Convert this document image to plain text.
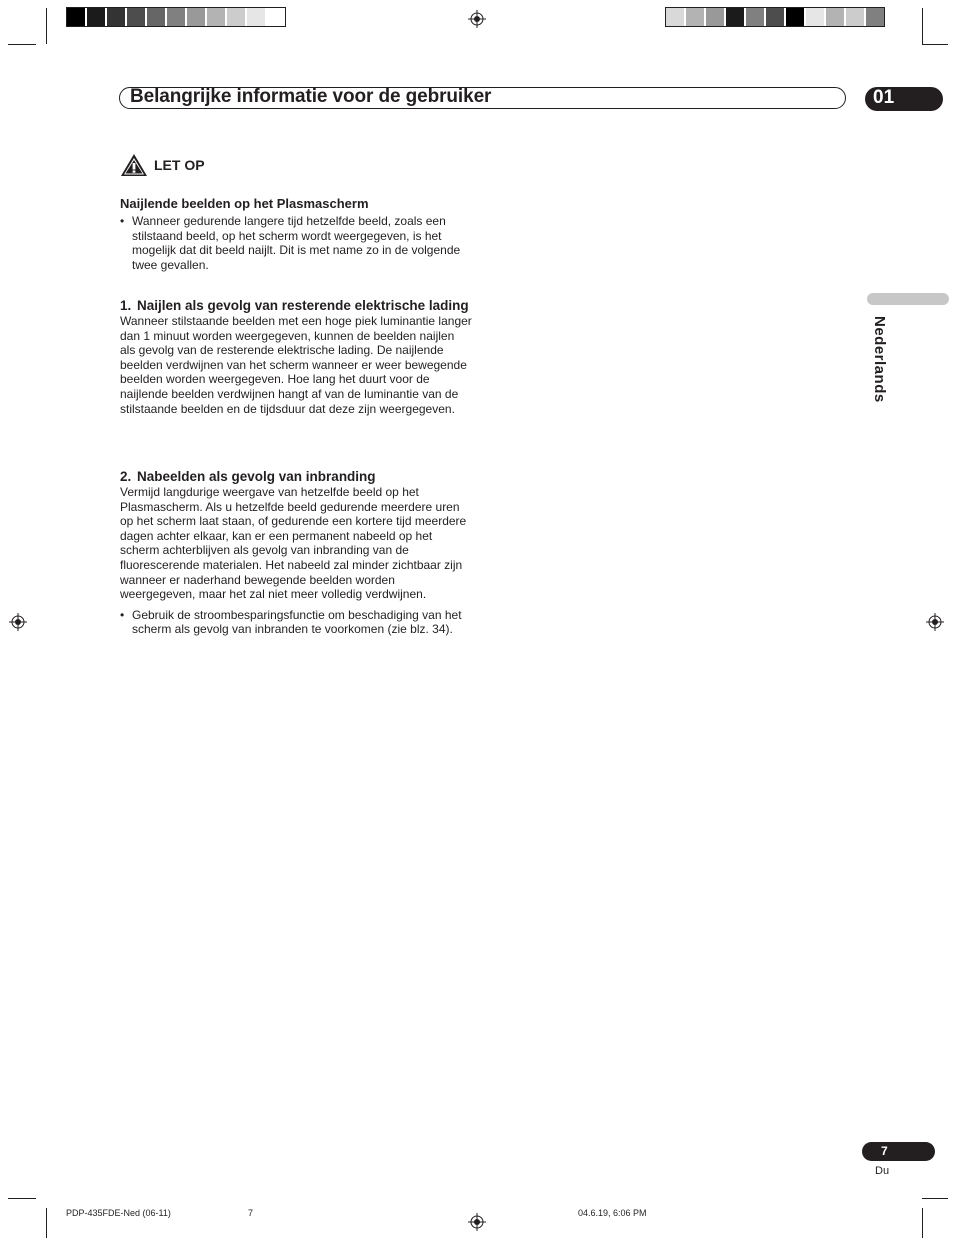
Belangrijke informatie voor de gebruiker	01
Nederlands
LET OP
Naijlende beelden op het Plasmascherm
• Wanneer gedurende langere tijd hetzelfde beeld, zoals een stilstaand beeld, op het scherm wordt weergegeven, is het mogelijk dat dit beeld naijlt. Dit is met name zo in de volgende twee gevallen.
1. Naijlen als gevolg van resterende elektrische lading

Wanneer stilstaande beelden met een hoge piek luminantie langer dan 1 minuut worden weergegeven, kunnen de beelden naijlen als gevolg van de resterende elektrische lading. De naijlende beelden verdwijnen van het scherm wanneer er weer bewegende beelden worden weergegeven. Hoe lang het duurt voor de naijlende beelden verdwijnen hangt af van de luminantie van de stilstaande beelden en de tijdsduur dat deze zijn weergegeven.

2. Nabeelden als gevolg van inbranding

Vermijd langdurige weergave van hetzelfde beeld op het Plasmascherm. Als u hetzelfde beeld gedurende meerdere uren op het scherm laat staan, of gedurende een kortere tijd meerdere dagen achter elkaar, kan er een permanent nabeeld op het scherm achterblijven als gevolg van inbranding van de fluorescerende materialen. Het nabeeld zal minder zichtbaar zijn wanneer er naderhand bewegende beelden worden weergegeven, maar het zal niet meer volledig verdwijnen.

• Gebruik de stroombesparingsfunctie om beschadiging van het scherm als gevolg van inbranden te voorkomen (zie blz. 34).
7
Du
PDP-435FDE-Ned (06-11)	7	04.6.19, 6:06 PM
